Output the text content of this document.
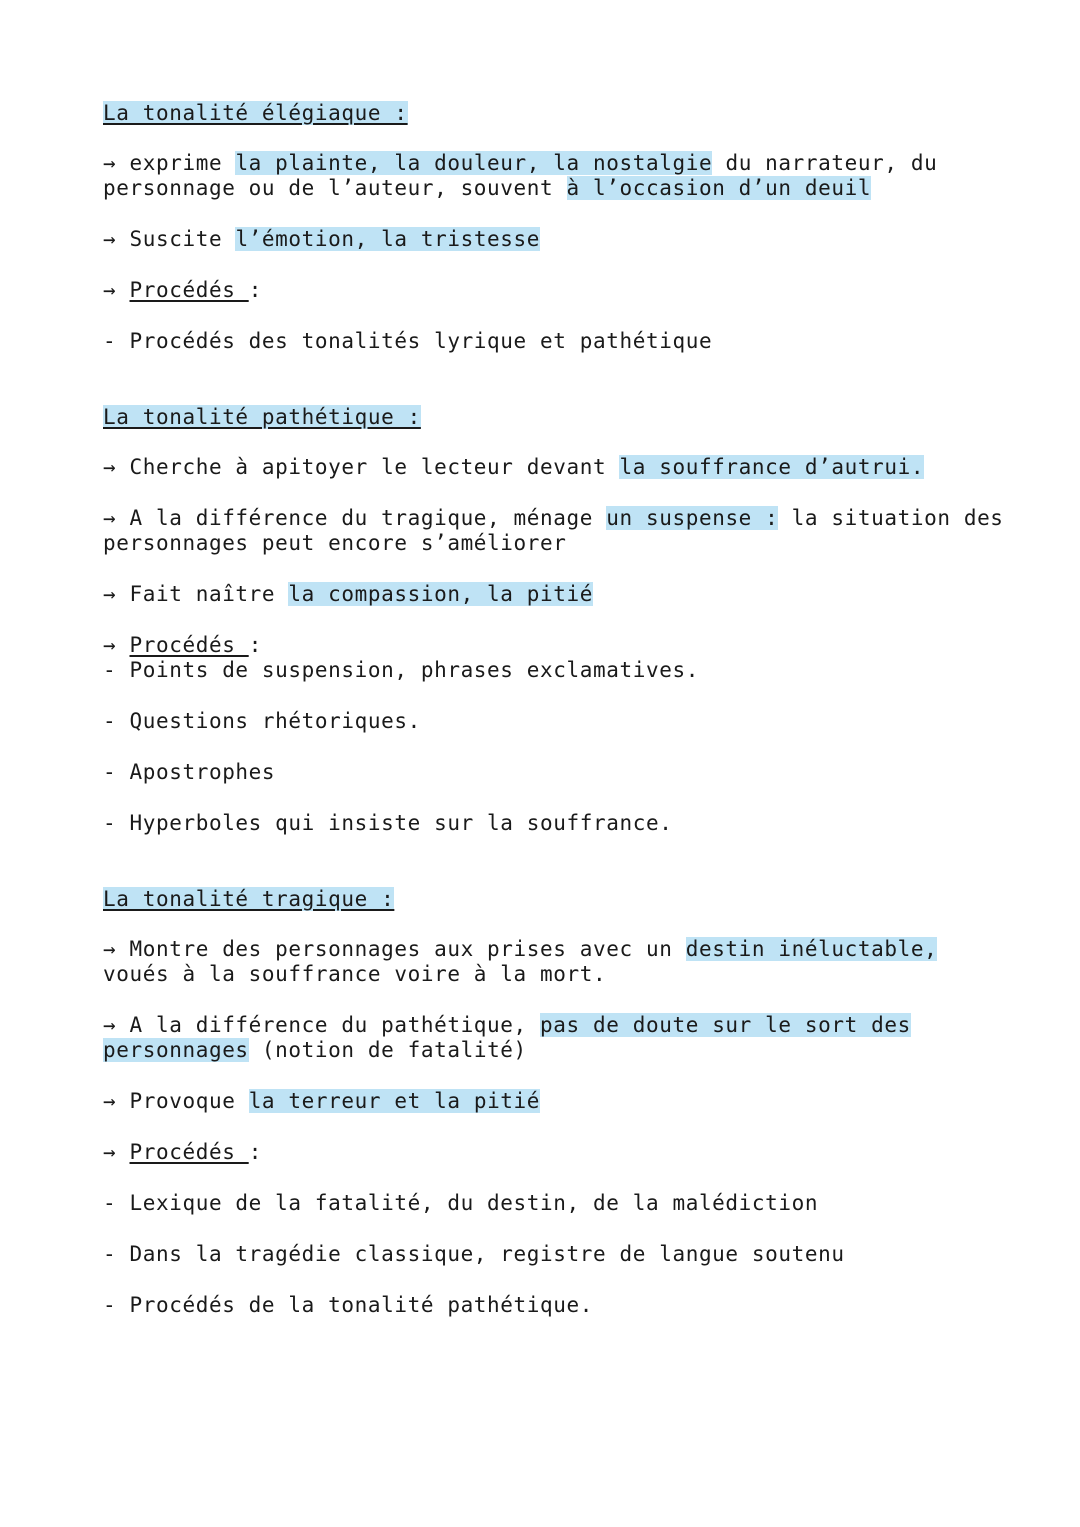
La tonalité élégiaque :

→ exprime la plainte, la douleur, la nostalgie du narrateur, du

personnage ou de l’auteur, souvent à l’occasion d’un deuil

→ Suscite l’émotion, la tristesse

→ Procédés :

- Procédés des tonalités lyrique et pathétique

La tonalité pathétique :

→ Cherche à apitoyer le lecteur devant la souffrance d’autrui.

→ A la différence du tragique, ménage un suspense : la situation des

personnages peut encore s’améliorer

→ Fait naître la compassion, la pitié

→ Procédés :

- Points de suspension, phrases exclamatives.

- Questions rhétoriques.

- Apostrophes

- Hyperboles qui insiste sur la souffrance.

La tonalité tragique :

→ Montre des personnages aux prises avec un destin inéluctable,

voués à la souffrance voire à la mort.

→ A la différence du pathétique, pas de doute sur le sort des

personnages (notion de fatalité)

→ Provoque la terreur et la pitié

→ Procédés :

- Lexique de la fatalité, du destin, de la malédiction

- Dans la tragédie classique, registre de langue soutenu

- Procédés de la tonalité pathétique.
